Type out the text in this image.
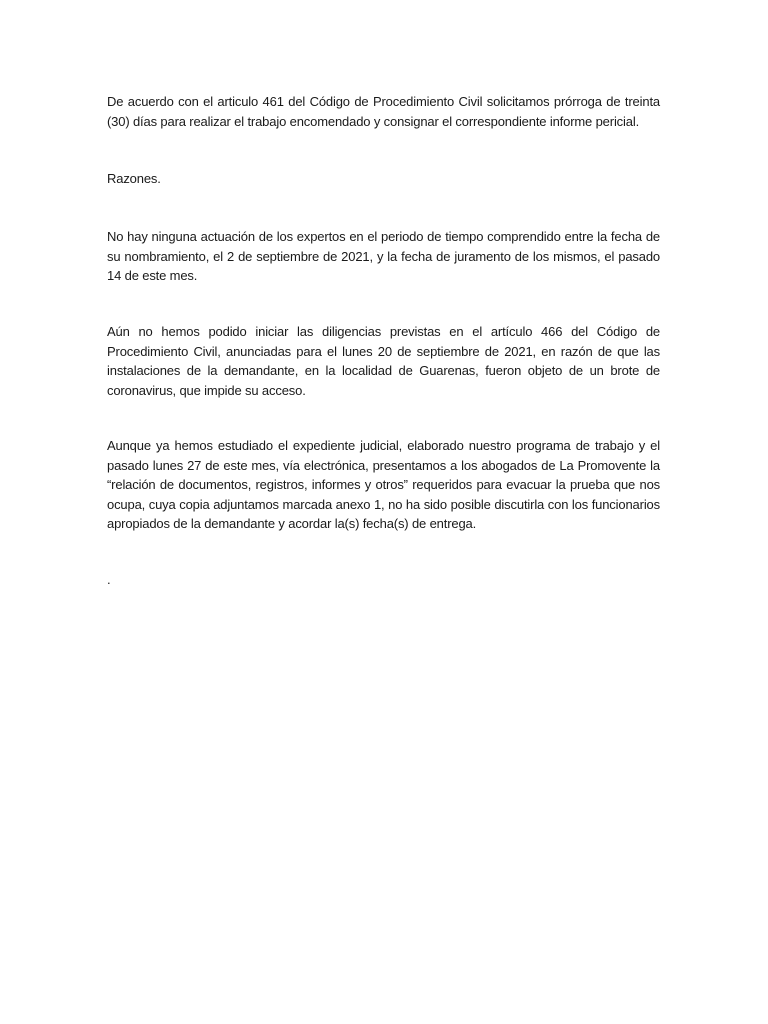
De acuerdo con el articulo 461 del Código de Procedimiento Civil solicitamos prórroga de treinta (30) días para realizar el trabajo encomendado y consignar el correspondiente informe pericial.

Razones.

No hay ninguna actuación de los expertos en el periodo de tiempo comprendido entre la fecha de su nombramiento, el 2 de septiembre de 2021, y la fecha de juramento de los mismos, el pasado 14 de este mes.

Aún no hemos podido iniciar las diligencias previstas en el artículo 466 del Código de Procedimiento Civil, anunciadas para el lunes 20 de septiembre de 2021, en razón de que las instalaciones de la demandante, en la localidad de Guarenas, fueron objeto de un brote de coronavirus, que impide su acceso.

Aunque ya hemos estudiado el expediente judicial, elaborado nuestro programa de trabajo y el pasado lunes 27 de este mes, vía electrónica, presentamos a los abogados de La Promovente la “relación de documentos, registros, informes y otros” requeridos para evacuar la prueba que nos ocupa, cuya copia adjuntamos marcada anexo 1, no ha sido posible discutirla con los funcionarios apropiados de la demandante y acordar la(s) fecha(s) de entrega.

.
